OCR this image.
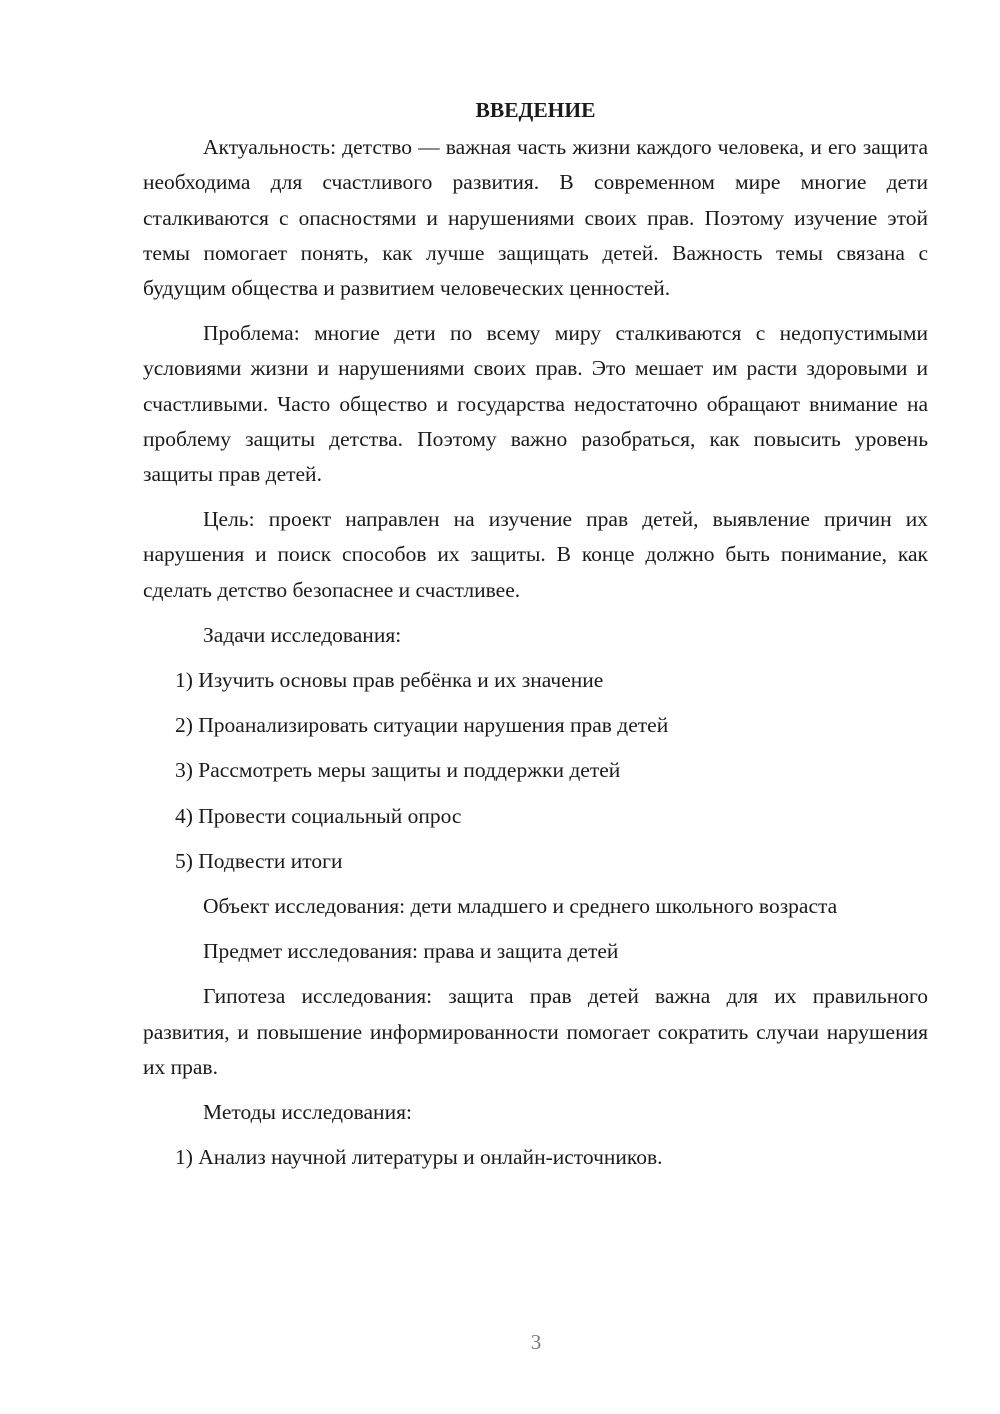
ВВЕДЕНИЕ

Актуальность: детство — важная часть жизни каждого человека, и его защита необходима для счастливого развития. В современном мире многие дети сталкиваются с опасностями и нарушениями своих прав. Поэтому изучение этой темы помогает понять, как лучше защищать детей. Важность темы связана с будущим общества и развитием человеческих ценностей.

Проблема: многие дети по всему миру сталкиваются с недопустимыми условиями жизни и нарушениями своих прав. Это мешает им расти здоровыми и счастливыми. Часто общество и государства недостаточно обращают внимание на проблему защиты детства. Поэтому важно разобраться, как повысить уровень защиты прав детей.

Цель: проект направлен на изучение прав детей, выявление причин их нарушения и поиск способов их защиты. В конце должно быть понимание, как сделать детство безопаснее и счастливее.

Задачи исследования:

1) Изучить основы прав ребёнка и их значение

2) Проанализировать ситуации нарушения прав детей

3) Рассмотреть меры защиты и поддержки детей

4) Провести социальный опрос

5) Подвести итоги

Объект исследования: дети младшего и среднего школьного возраста

Предмет исследования: права и защита детей

Гипотеза исследования: защита прав детей важна для их правильного развития, и повышение информированности помогает сократить случаи нарушения их прав.

Методы исследования:

1) Анализ научной литературы и онлайн-источников.

3
